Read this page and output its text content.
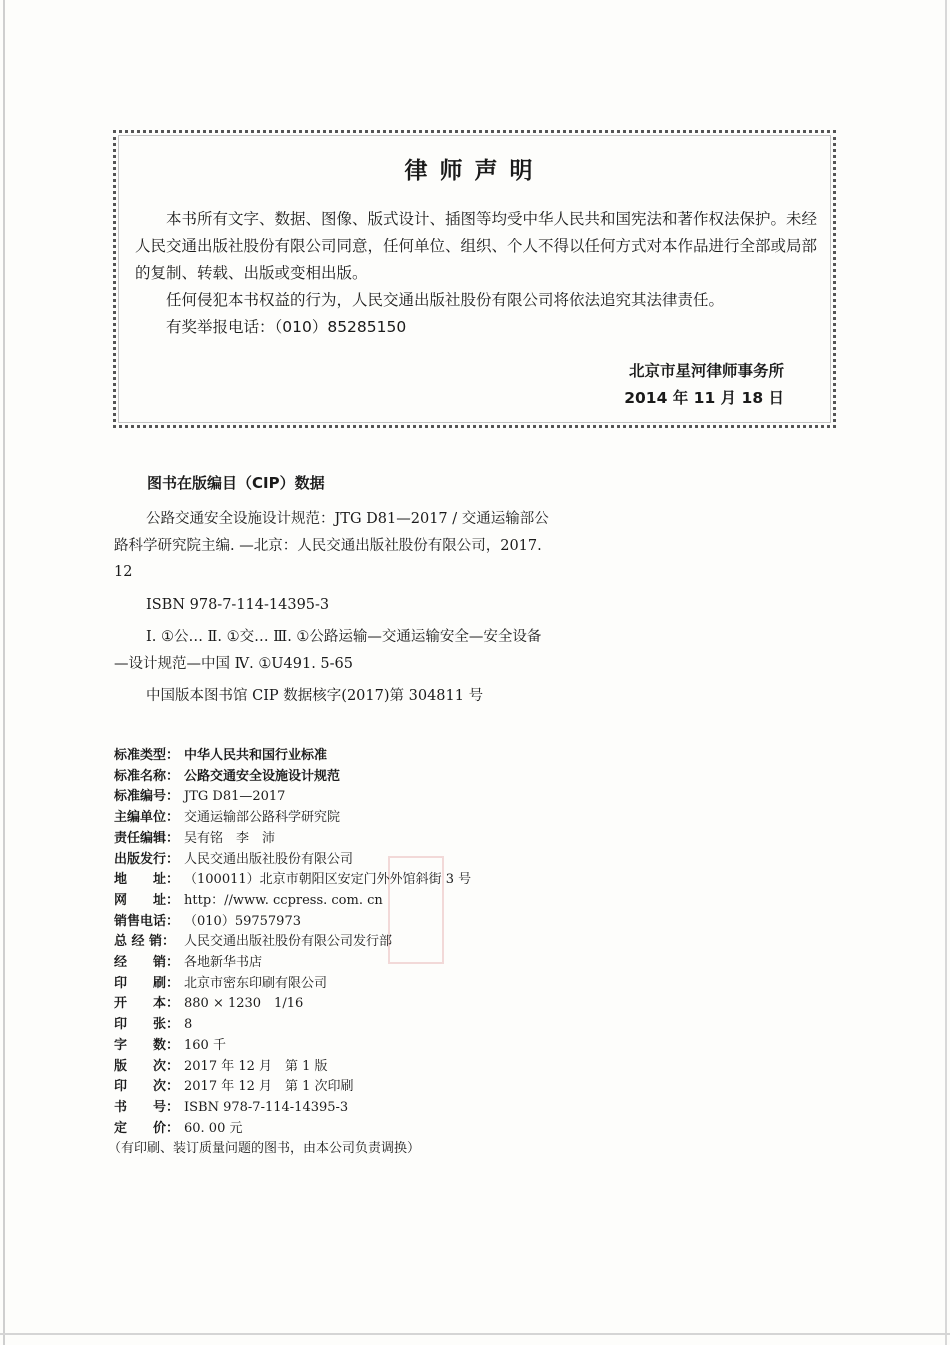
律师声明

本书所有文字、数据、图像、版式设计、插图等均受中华人民共和国宪法和著作权法保护。未经人民交通出版社股份有限公司同意，任何单位、组织、个人不得以任何方式对本作品进行全部或局部的复制、转载、出版或变相出版。

任何侵犯本书权益的行为，人民交通出版社股份有限公司将依法追究其法律责任。

有奖举报电话：（010）85285150

北京市星河律师事务所
2014 年 11 月 18 日
图书在版编目（CIP）数据

公路交通安全设施设计规范：JTG D81—2017 / 交通运输部公路科学研究院主编. —北京：人民交通出版社股份有限公司，2017. 12

ISBN 978-7-114-14395-3

Ⅰ. ①公… Ⅱ. ①交… Ⅲ. ①公路运输—交通运输安全—安全设备—设计规范—中国 Ⅳ. ①U491. 5-65

中国版本图书馆 CIP 数据核字(2017)第 304811 号

标准类型： 中华人民共和国行业标准
标准名称： 公路交通安全设施设计规范
标准编号： JTG D81—2017
主编单位： 交通运输部公路科学研究院
责任编辑： 吴有铭　李　沛
出版发行： 人民交通出版社股份有限公司
地　　址： （100011）北京市朝阳区安定门外外馆斜街 3 号
网　　址： http：//www. ccpress. com. cn
销售电话： （010）59757973
总 经 销： 人民交通出版社股份有限公司发行部
经　　销： 各地新华书店
印　　刷： 北京市密东印刷有限公司
开　　本： 880 × 1230　1/16
印　　张： 8
字　　数： 160 千
版　　次： 2017 年 12 月　第 1 版
印　　次： 2017 年 12 月　第 1 次印刷
书　　号： ISBN 978-7-114-14395-3
定　　价： 60. 00 元
（有印刷、装订质量问题的图书，由本公司负责调换）
